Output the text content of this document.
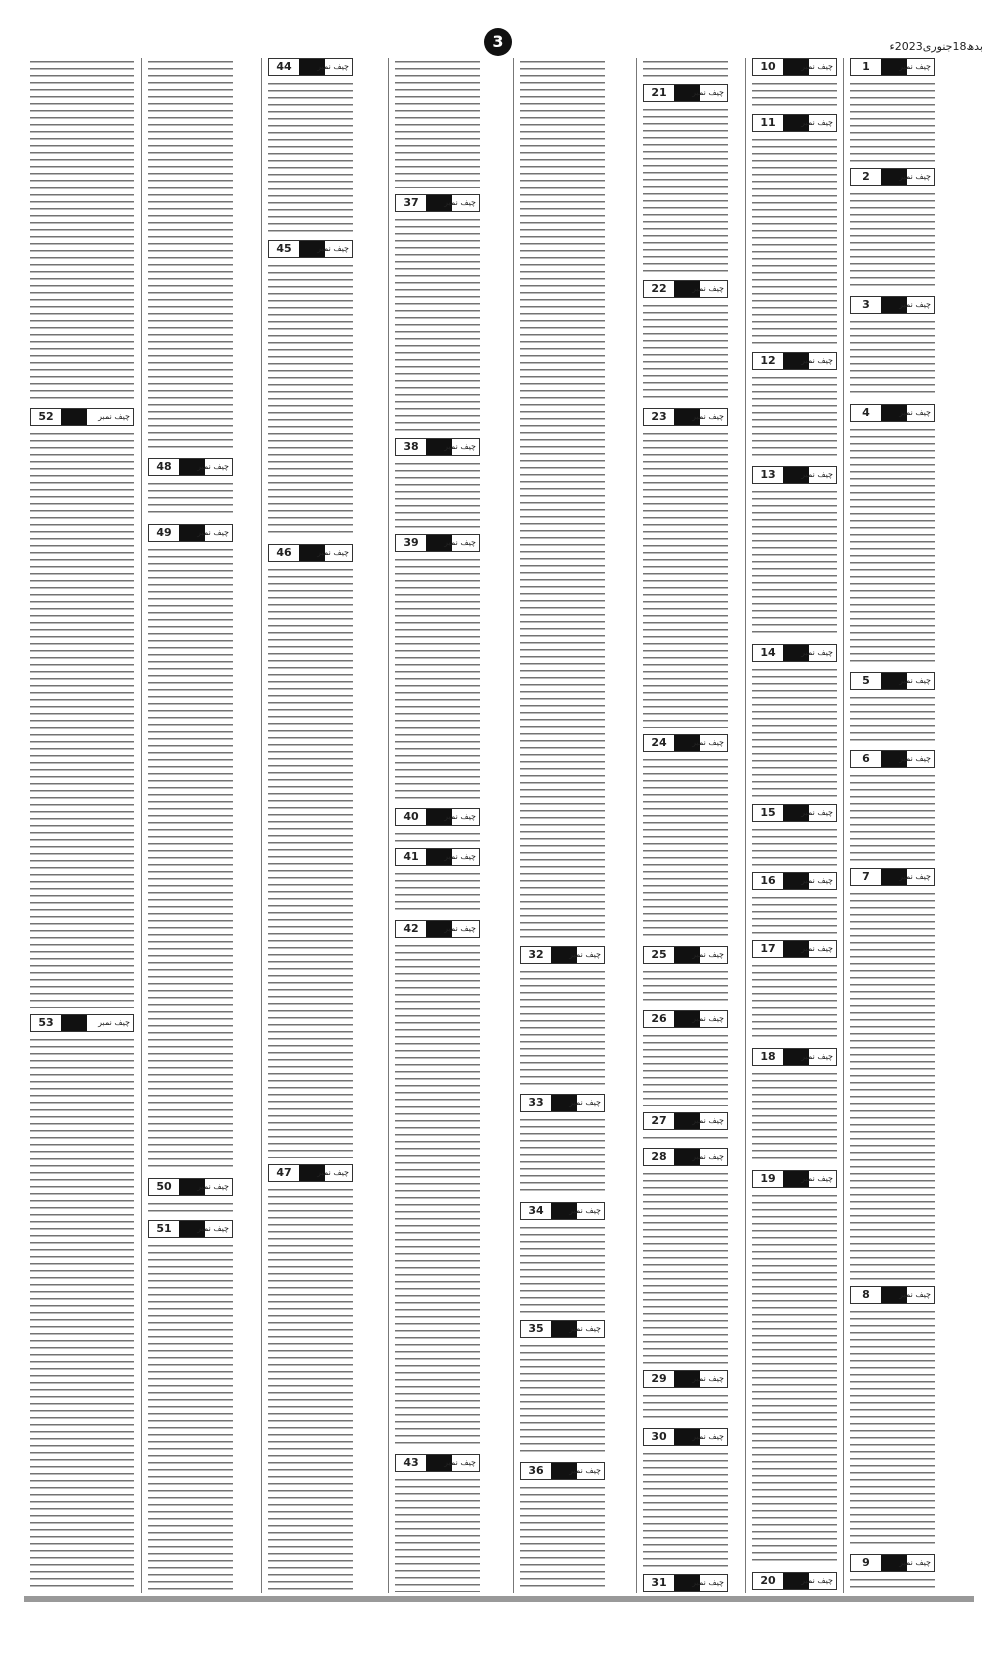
3	بدھ18جنوری2023ء
1	چیف نمبر
2	چیف نمبر
3	چیف نمبر
4	چیف نمبر
5	چیف نمبر
6	چیف نمبر
7	چیف نمبر
8	چیف نمبر
9	چیف نمبر
10	چیف نمبر
11	چیف نمبر
12	چیف نمبر
13	چیف نمبر
14	چیف نمبر
15	چیف نمبر
16	چیف نمبر
17	چیف نمبر
18	چیف نمبر
19	چیف نمبر
20	چیف نمبر
21	چیف نمبر
22	چیف نمبر
23	چیف نمبر
24	چیف نمبر
25	چیف نمبر
26	چیف نمبر
27	چیف نمبر
28	چیف نمبر
29	چیف نمبر
30	چیف نمبر
31	چیف نمبر
32	چیف نمبر
33	چیف نمبر
34	چیف نمبر
35	چیف نمبر
36	چیف نمبر
37	چیف نمبر
38	چیف نمبر
39	چیف نمبر
40	چیف نمبر
41	چیف نمبر
42	چیف نمبر
43	چیف نمبر
44	چیف نمبر
45	چیف نمبر
46	چیف نمبر
47	چیف نمبر
48	چیف نمبر
49	چیف نمبر
50	چیف نمبر
51	چیف نمبر
52	چیف نمبر
53	چیف نمبر
